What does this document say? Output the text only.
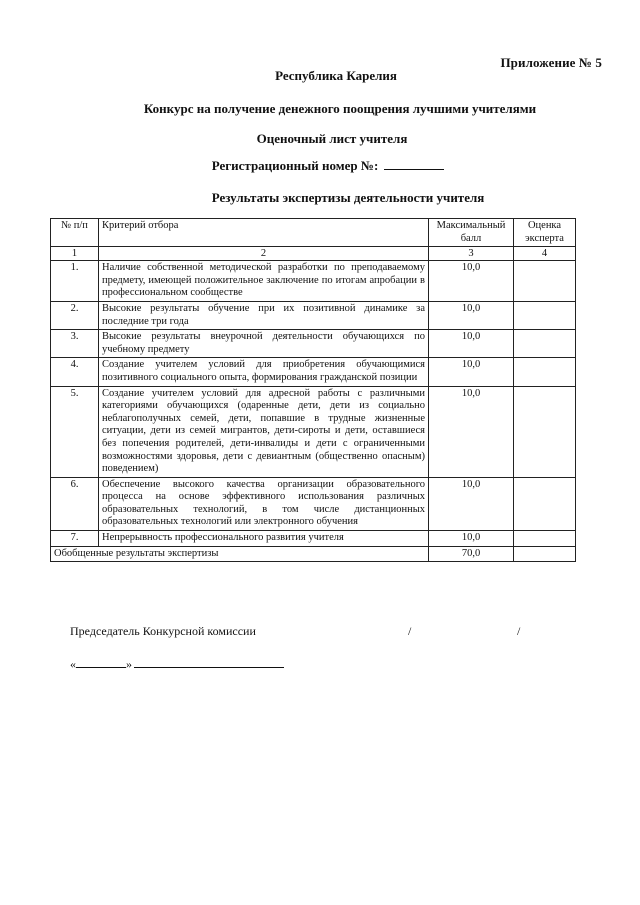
Приложение № 5
Республика Карелия
Конкурс на получение денежного поощрения лучшими учителями
Оценочный лист учителя
Регистрационный номер №:
Результаты экспертизы деятельности учителя
№ п/п	Критерий отбора	Максимальный балл	Оценка эксперта
1	2	3	4
1.	Наличие собственной методической разработки по преподаваемому предмету, имеющей положительное заключение по итогам апробации в профессиональном сообществе	10,0	
2.	Высокие результаты обучение при их позитивной динамике за последние три года	10,0	
3.	Высокие результаты внеурочной деятельности обучающихся по учебному предмету	10,0	
4.	Создание учителем условий для приобретения обучающимися позитивного социального опыта, формирования гражданской позиции	10,0	
5.	Создание учителем условий для адресной работы с различными категориями обучающихся (одаренные дети, дети из социально неблагополучных семей, дети, попавшие в трудные жизненные ситуации, дети из семей мигрантов, дети-сироты и дети, оставшиеся без попечения родителей, дети-инвалиды и дети с ограниченными возможностями здоровья, дети с девиантным (общественно опасным) поведением)	10,0	
6.	Обеспечение высокого качества организации образовательного процесса на основе эффективного использования различных образовательных технологий, в том числе дистанционных образовательных технологий или электронного обучения	10,0	
7.	Непрерывность профессионального развития учителя	10,0	
Обобщенные результаты экспертизы		70,0	
Председатель Конкурсной комиссии	/	/
«	»
